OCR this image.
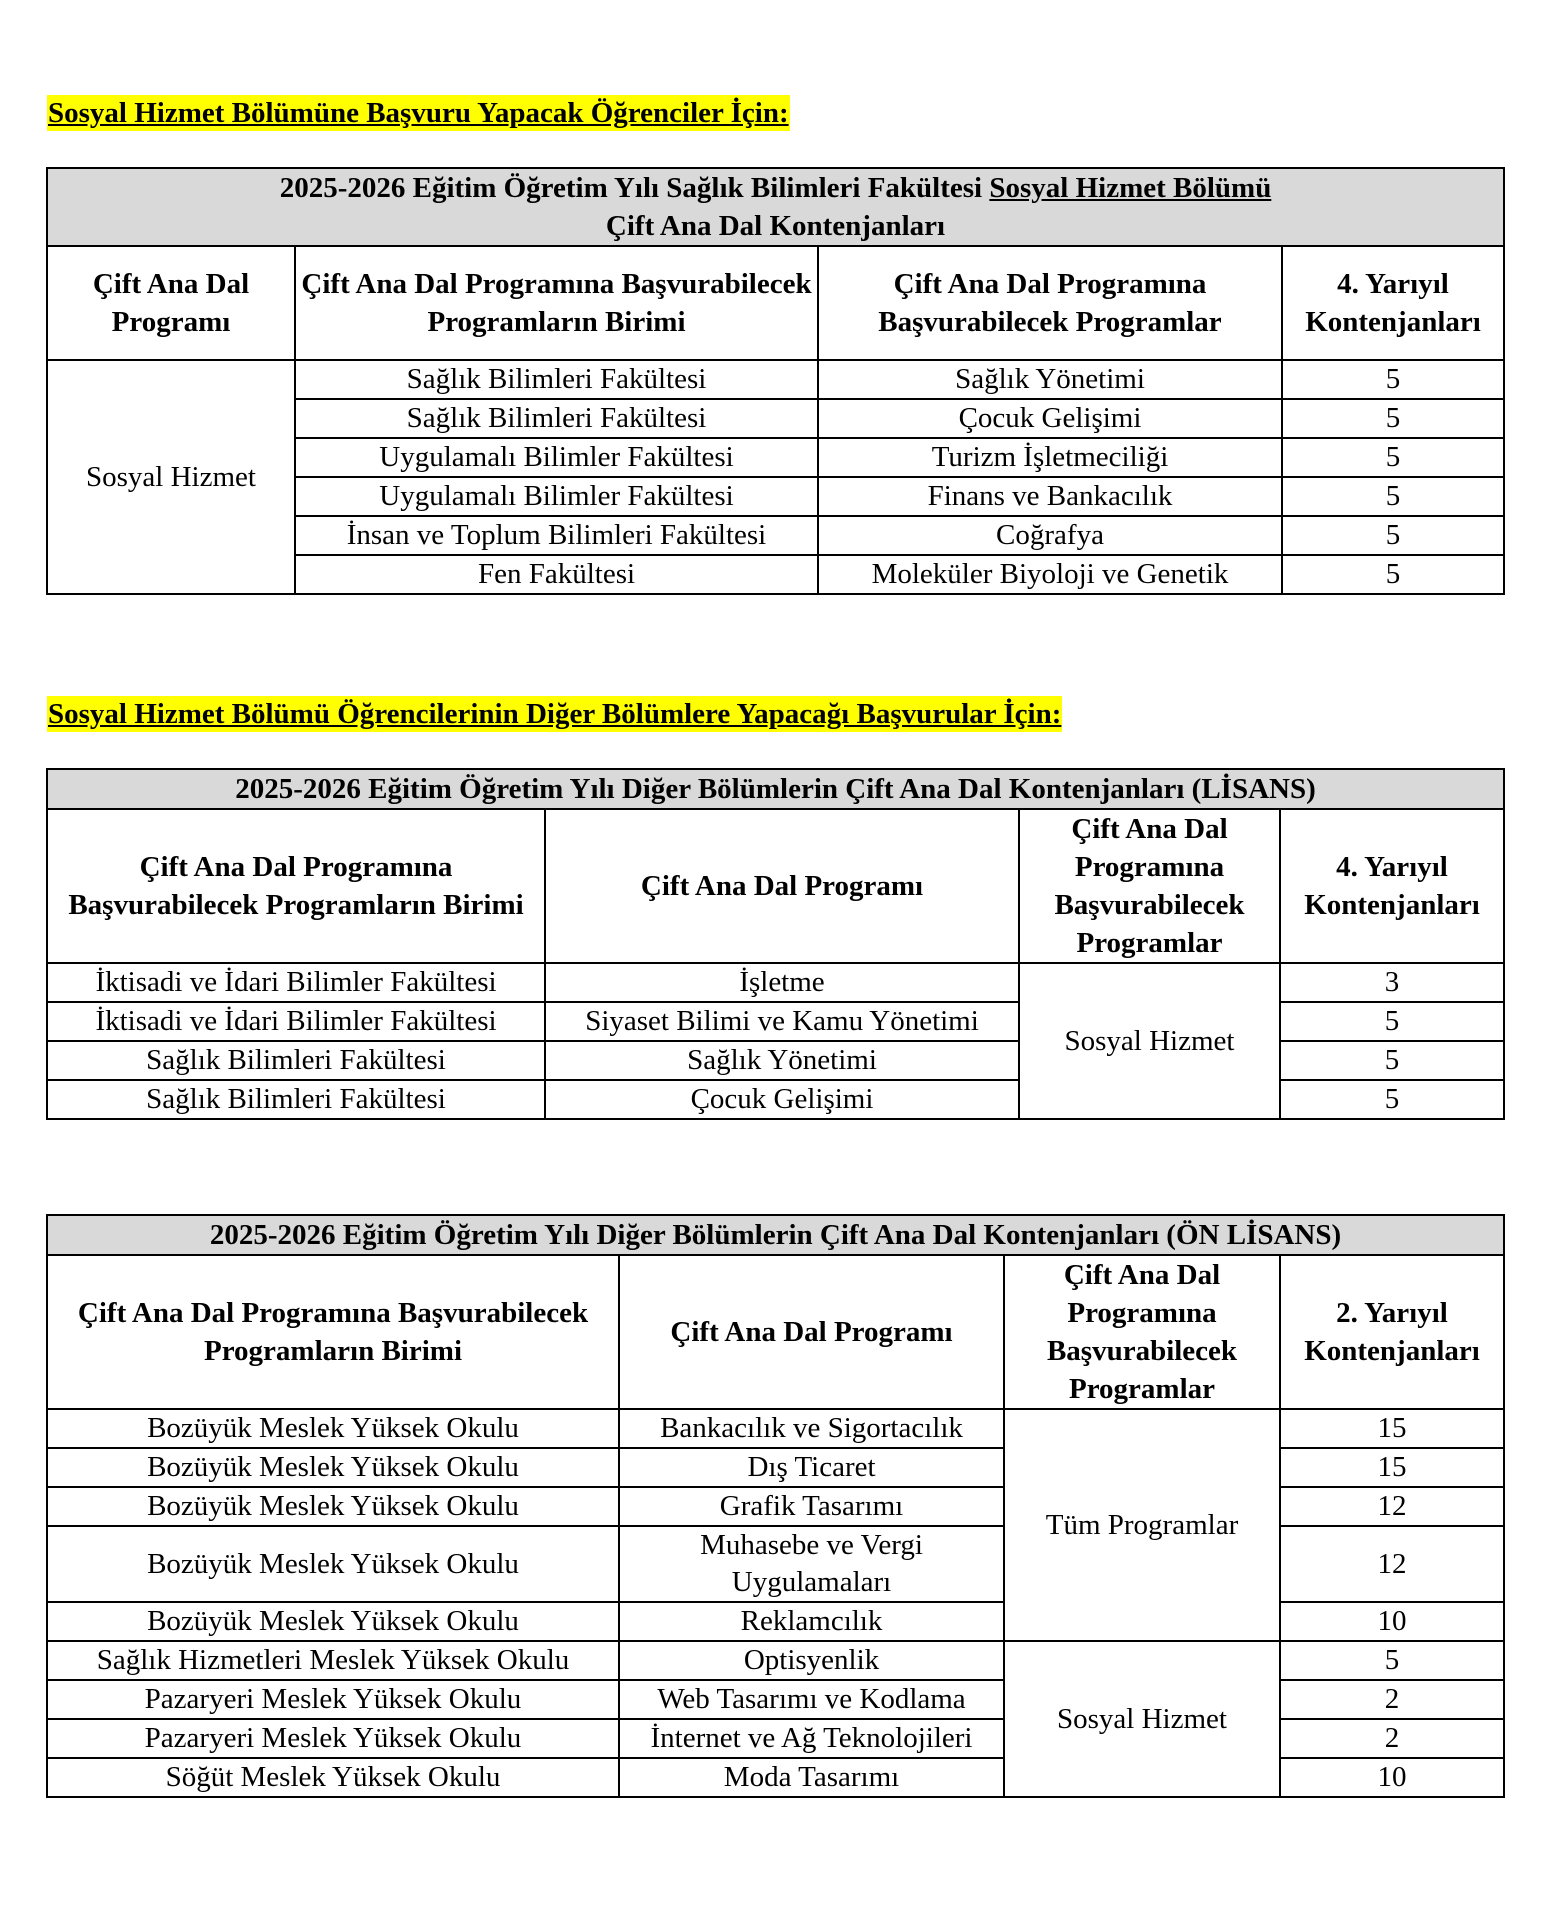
Sosyal Hizmet Bölümüne Başvuru Yapacak Öğrenciler İçin:

2025-2026 Eğitim Öğretim Yılı Sağlık Bilimleri Fakültesi Sosyal Hizmet Bölümü
Çift Ana Dal Kontenjanları			
Çift Ana Dal Programı	Çift Ana Dal Programına Başvurabilecek Programların Birimi	Çift Ana Dal Programına Başvurabilecek Programlar	4. Yarıyıl Kontenjanları
Sosyal Hizmet	Sağlık Bilimleri Fakültesi	Sağlık Yönetimi	5
	Sağlık Bilimleri Fakültesi	Çocuk Gelişimi	5
	Uygulamalı Bilimler Fakültesi	Turizm İşletmeciliği	5
	Uygulamalı Bilimler Fakültesi	Finans ve Bankacılık	5
	İnsan ve Toplum Bilimleri Fakültesi	Coğrafya	5
	Fen Fakültesi	Moleküler Biyoloji ve Genetik	5

Sosyal Hizmet Bölümü Öğrencilerinin Diğer Bölümlere Yapacağı Başvurular İçin:

2025-2026 Eğitim Öğretim Yılı Diğer Bölümlerin Çift Ana Dal Kontenjanları (LİSANS)			
Çift Ana Dal Programına Başvurabilecek Programların Birimi	Çift Ana Dal Programı	Çift Ana Dal Programına Başvurabilecek Programlar	4. Yarıyıl Kontenjanları
İktisadi ve İdari Bilimler Fakültesi	İşletme	Sosyal Hizmet	3
İktisadi ve İdari Bilimler Fakültesi	Siyaset Bilimi ve Kamu Yönetimi		5
Sağlık Bilimleri Fakültesi	Sağlık Yönetimi		5
Sağlık Bilimleri Fakültesi	Çocuk Gelişimi		5
2025-2026 Eğitim Öğretim Yılı Diğer Bölümlerin Çift Ana Dal Kontenjanları (ÖN LİSANS)			
Çift Ana Dal Programına Başvurabilecek Programların Birimi	Çift Ana Dal Programı	Çift Ana Dal Programına Başvurabilecek Programlar	2. Yarıyıl Kontenjanları
Bozüyük Meslek Yüksek Okulu	Bankacılık ve Sigortacılık	Tüm Programlar	15
Bozüyük Meslek Yüksek Okulu	Dış Ticaret		15
Bozüyük Meslek Yüksek Okulu	Grafik Tasarımı		12
Bozüyük Meslek Yüksek Okulu	Muhasebe ve Vergi Uygulamaları		12
Bozüyük Meslek Yüksek Okulu	Reklamcılık		10
Sağlık Hizmetleri Meslek Yüksek Okulu	Optisyenlik	Sosyal Hizmet	5
Pazaryeri Meslek Yüksek Okulu	Web Tasarımı ve Kodlama		2
Pazaryeri Meslek Yüksek Okulu	İnternet ve Ağ Teknolojileri		2
Söğüt Meslek Yüksek Okulu	Moda Tasarımı		10
